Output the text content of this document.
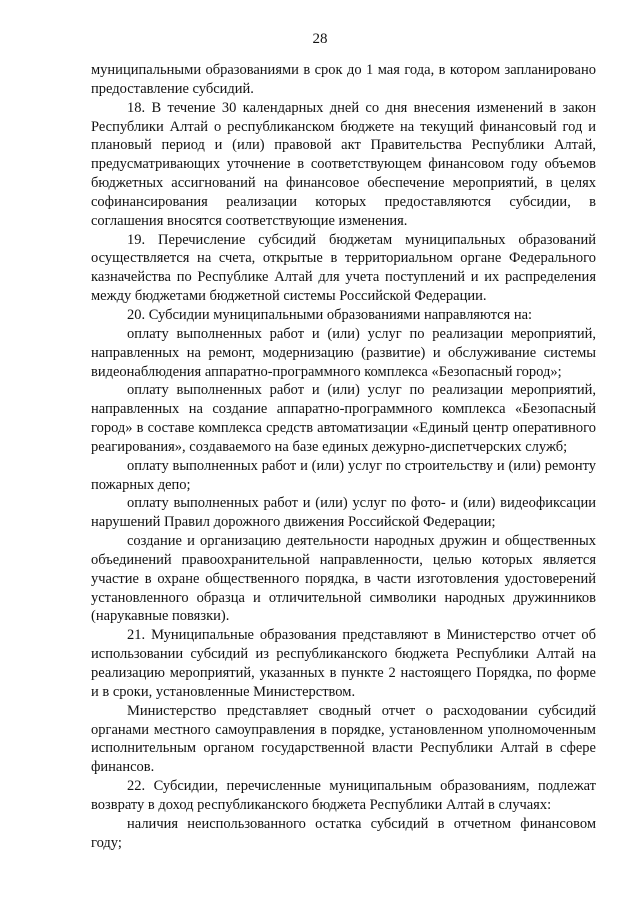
28

муниципальными образованиями в срок до 1 мая года, в котором запланировано предоставление субсидий.

18. В течение 30 календарных дней со дня внесения изменений в закон Республики Алтай о республиканском бюджете на текущий финансовый год и плановый период и (или) правовой акт Правительства Республики Алтай, предусматривающих уточнение в соответствующем финансовом году объемов бюджетных ассигнований на финансовое обеспечение мероприятий, в целях софинансирования реализации которых предоставляются субсидии, в соглашения вносятся соответствующие изменения.

19. Перечисление субсидий бюджетам муниципальных образований осуществляется на счета, открытые в территориальном органе Федерального казначейства по Республике Алтай для учета поступлений и их распределения между бюджетами бюджетной системы Российской Федерации.

20. Субсидии муниципальными образованиями направляются на:

оплату выполненных работ и (или) услуг по реализации мероприятий, направленных на ремонт, модернизацию (развитие) и обслуживание системы видеонаблюдения аппаратно-программного комплекса «Безопасный город»;

оплату выполненных работ и (или) услуг по реализации мероприятий, направленных на создание аппаратно-программного комплекса «Безопасный город» в составе комплекса средств автоматизации «Единый центр оперативного реагирования», создаваемого на базе единых дежурно-диспетчерских служб;

оплату выполненных работ и (или) услуг по строительству и (или) ремонту пожарных депо;

оплату выполненных работ и (или) услуг по фото- и (или) видеофиксации нарушений Правил дорожного движения Российской Федерации;

создание и организацию деятельности народных дружин и общественных объединений правоохранительной направленности, целью которых является участие в охране общественного порядка, в части изготовления удостоверений установленного образца и отличительной символики народных дружинников (нарукавные повязки).

21. Муниципальные образования представляют в Министерство отчет об использовании субсидий из республиканского бюджета Республики Алтай на реализацию мероприятий, указанных в пункте 2 настоящего Порядка, по форме и в сроки, установленные Министерством.

Министерство представляет сводный отчет о расходовании субсидий органами местного самоуправления в порядке, установленном уполномоченным исполнительным органом государственной власти Республики Алтай в сфере финансов.

22. Субсидии, перечисленные муниципальным образованиям, подлежат возврату в доход республиканского бюджета Республики Алтай в случаях:

наличия неиспользованного остатка субсидий в отчетном финансовом году;
